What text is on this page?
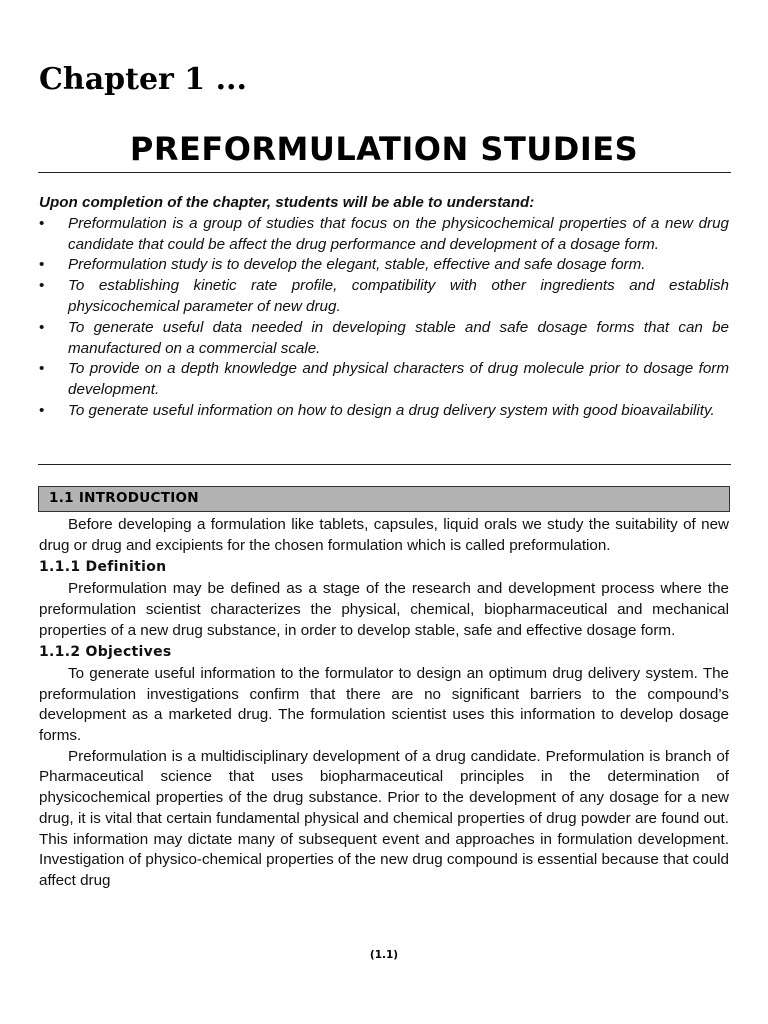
Chapter 1 ...
PREFORMULATION STUDIES

Upon completion of the chapter, students will be able to understand:

• Preformulation is a group of studies that focus on the physicochemical properties of a new drug candidate that could be affect the drug performance and development of a dosage form.
• Preformulation study is to develop the elegant, stable, effective and safe dosage form.
• To establishing kinetic rate profile, compatibility with other ingredients and establish physicochemical parameter of new drug.
• To generate useful data needed in developing stable and safe dosage forms that can be manufactured on a commercial scale.
• To provide on a depth knowledge and physical characters of drug molecule prior to dosage form development.
• To generate useful information on how to design a drug delivery system with good bioavailability.
1.1 INTRODUCTION

Before developing a formulation like tablets, capsules, liquid orals we study the suitability of new drug or drug and excipients for the chosen formulation which is called preformulation.

1.1.1 Definition

Preformulation may be defined as a stage of the research and development process where the preformulation scientist characterizes the physical, chemical, biopharmaceutical and mechanical properties of a new drug substance, in order to develop stable, safe and effective dosage form.

1.1.2 Objectives

To generate useful information to the formulator to design an optimum drug delivery system. The preformulation investigations confirm that there are no significant barriers to the compound’s development as a marketed drug. The formulation scientist uses this information to develop dosage forms.

Preformulation is a multidisciplinary development of a drug candidate. Preformulation is branch of Pharmaceutical science that uses biopharmaceutical principles in the determination of physicochemical properties of the drug substance. Prior to the development of any dosage for a new drug, it is vital that certain fundamental physical and chemical properties of drug powder are found out. This information may dictate many of subsequent event and approaches in formulation development. Investigation of physico-chemical properties of the new drug compound is essential because that could affect drug

(1.1)
